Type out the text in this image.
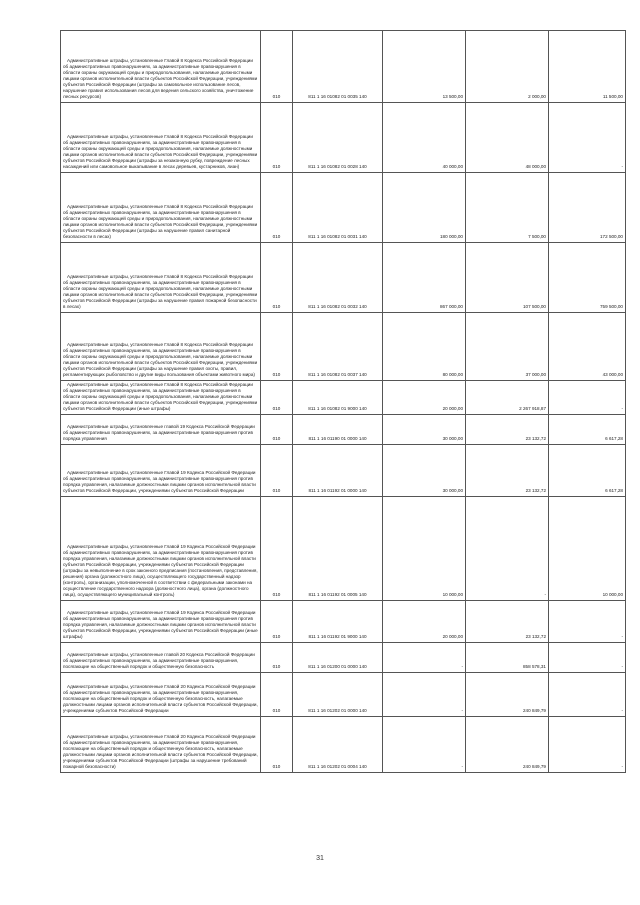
Административные штрафы, установленные Главой 8 Кодекса Российской Федерации об административных правонарушениях, за административные правонарушения в области охраны окружающей среды и природопользования, налагаемые должностными лицами органов исполнительной власти субъектов Российской Федерации, учреждениями субъектов Российской Федерации (штрафы за самовольное использование лесов, нарушение правил использования лесов для ведения сельского хозяйства, уничтожение лесных ресурсов)	010	811 1 16 01082 01 0035 140	13 500,00	2 000,00	11 500,00

Административные штрафы, установленные Главой 8 Кодекса Российской Федерации об административных правонарушениях, за административные правонарушения в области охраны окружающей среды и природопользования, налагаемые должностными лицами органов исполнительной власти субъектов Российской Федерации, учреждениями субъектов Российской Федерации (штрафы за незаконную рубку, повреждение лесных насаждений или самовольное выкапывание в лесах деревьев, кустарников, лиан)	010	811 1 16 01082 01 0028 140	40 000,00	48 000,00	-

Административные штрафы, установленные Главой 8 Кодекса Российской Федерации об административных правонарушениях, за административные правонарушения в области охраны окружающей среды и природопользования, налагаемые должностными лицами органов исполнительной власти субъектов Российской Федерации, учреждениями субъектов Российской Федерации (штрафы за нарушение правил санитарной безопасности в лесах)	010	811 1 16 01082 01 0031 140	180 000,00	7 500,00	172 500,00

Административные штрафы, установленные Главой 8 Кодекса Российской Федерации об административных правонарушениях, за административные правонарушения в области охраны окружающей среды и природопользования, налагаемые должностными лицами органов исполнительной власти субъектов Российской Федерации, учреждениями субъектов Российской Федерации (штрафы за нарушение правил пожарной безопасности в лесах)	010	811 1 16 01082 01 0032 140	867 000,00	107 500,00	759 500,00

Административные штрафы, установленные Главой 8 Кодекса Российской Федерации об административных правонарушениях, за административные правонарушения в области охраны окружающей среды и природопользования, налагаемые должностными лицами органов исполнительной власти субъектов Российской Федерации, учреждениями субъектов Российской Федерации (штрафы за нарушение правил охоты, правил, регламентирующих рыболовство и другие виды пользования объектами животного мира)	010	811 1 16 01082 01 0037 140	80 000,00	37 000,00	43 000,00

Административные штрафы, установленные Главой 8 Кодекса Российской Федерации об административных правонарушениях, за административные правонарушения в области охраны окружающей среды и природопользования, налагаемые должностными лицами органов исполнительной власти субъектов Российской Федерации, учреждениями субъектов Российской Федерации (иные штрафы)	010	811 1 16 01082 01 9000 140	20 000,00	2 267 918,87	-

Административные штрафы, установленные главой 19 Кодекса Российской Федерации об административных правонарушениях, за административные правонарушения против порядка управления	010	811 1 16 01190 01 0000 140	30 000,00	23 132,72	6 617,28

Административные штрафы, установленные Главой 19 Кодекса Российской Федерации об административных правонарушениях, за административные правонарушения против порядка управления, налагаемые должностными лицами органов исполнительной власти субъектов Российской Федерации, учреждениями субъектов Российской Федерации	010	811 1 16 01192 01 0000 140	30 000,00	23 132,72	6 617,28

Административные штрафы, установленные Главой 19 Кодекса Российской Федерации об административных правонарушениях, за административные правонарушения против порядка управления, налагаемые должностными лицами органов исполнительной власти субъектов Российской Федерации, учреждениями субъектов Российской Федерации (штрафы за невыполнение в срок законного предписания (постановления, представления, решения) органа (должностного лица), осуществляющего государственный надзор (контроль), организации, уполномоченной в соответствии с федеральными законами на осуществление государственного надзора (должностного лица), органа (должностного лица), осуществляющего муниципальный контроль)	010	811 1 16 01192 01 0005 140	10 000,00	-	10 000,00

Административные штрафы, установленные Главой 19 Кодекса Российской Федерации об административных правонарушениях, за административные правонарушения против порядка управления, налагаемые должностными лицами органов исполнительной власти субъектов Российской Федерации, учреждениями субъектов Российской Федерации (иные штрафы)	010	811 1 16 01192 01 9000 140	20 000,00	23 132,72	-

Административные штрафы, установленные главой 20 Кодекса Российской Федерации об административных правонарушениях, за административные правонарушения, посягающие на общественный порядок и общественную безопасность	010	811 1 16 01200 01 0000 140	-	858 578,31	-

Административные штрафы, установленные Главой 20 Кодекса Российской Федерации об административных правонарушениях, за административные правонарушения, посягающие на общественный порядок и общественную безопасность, налагаемые должностными лицами органов исполнительной власти субъектов Российской Федерации, учреждениями субъектов Российской Федерации	010	811 1 16 01202 01 0000 140	-	240 849,79	-

Административные штрафы, установленные Главой 20 Кодекса Российской Федерации об административных правонарушениях, за административные правонарушения, посягающие на общественный порядок и общественную безопасность, налагаемые должностными лицами органов исполнительной власти субъектов Российской Федерации, учреждениями субъектов Российской Федерации (штрафы за нарушение требований пожарной безопасности)	010	811 1 16 01202 01 0004 140	-	240 849,79	-
31
